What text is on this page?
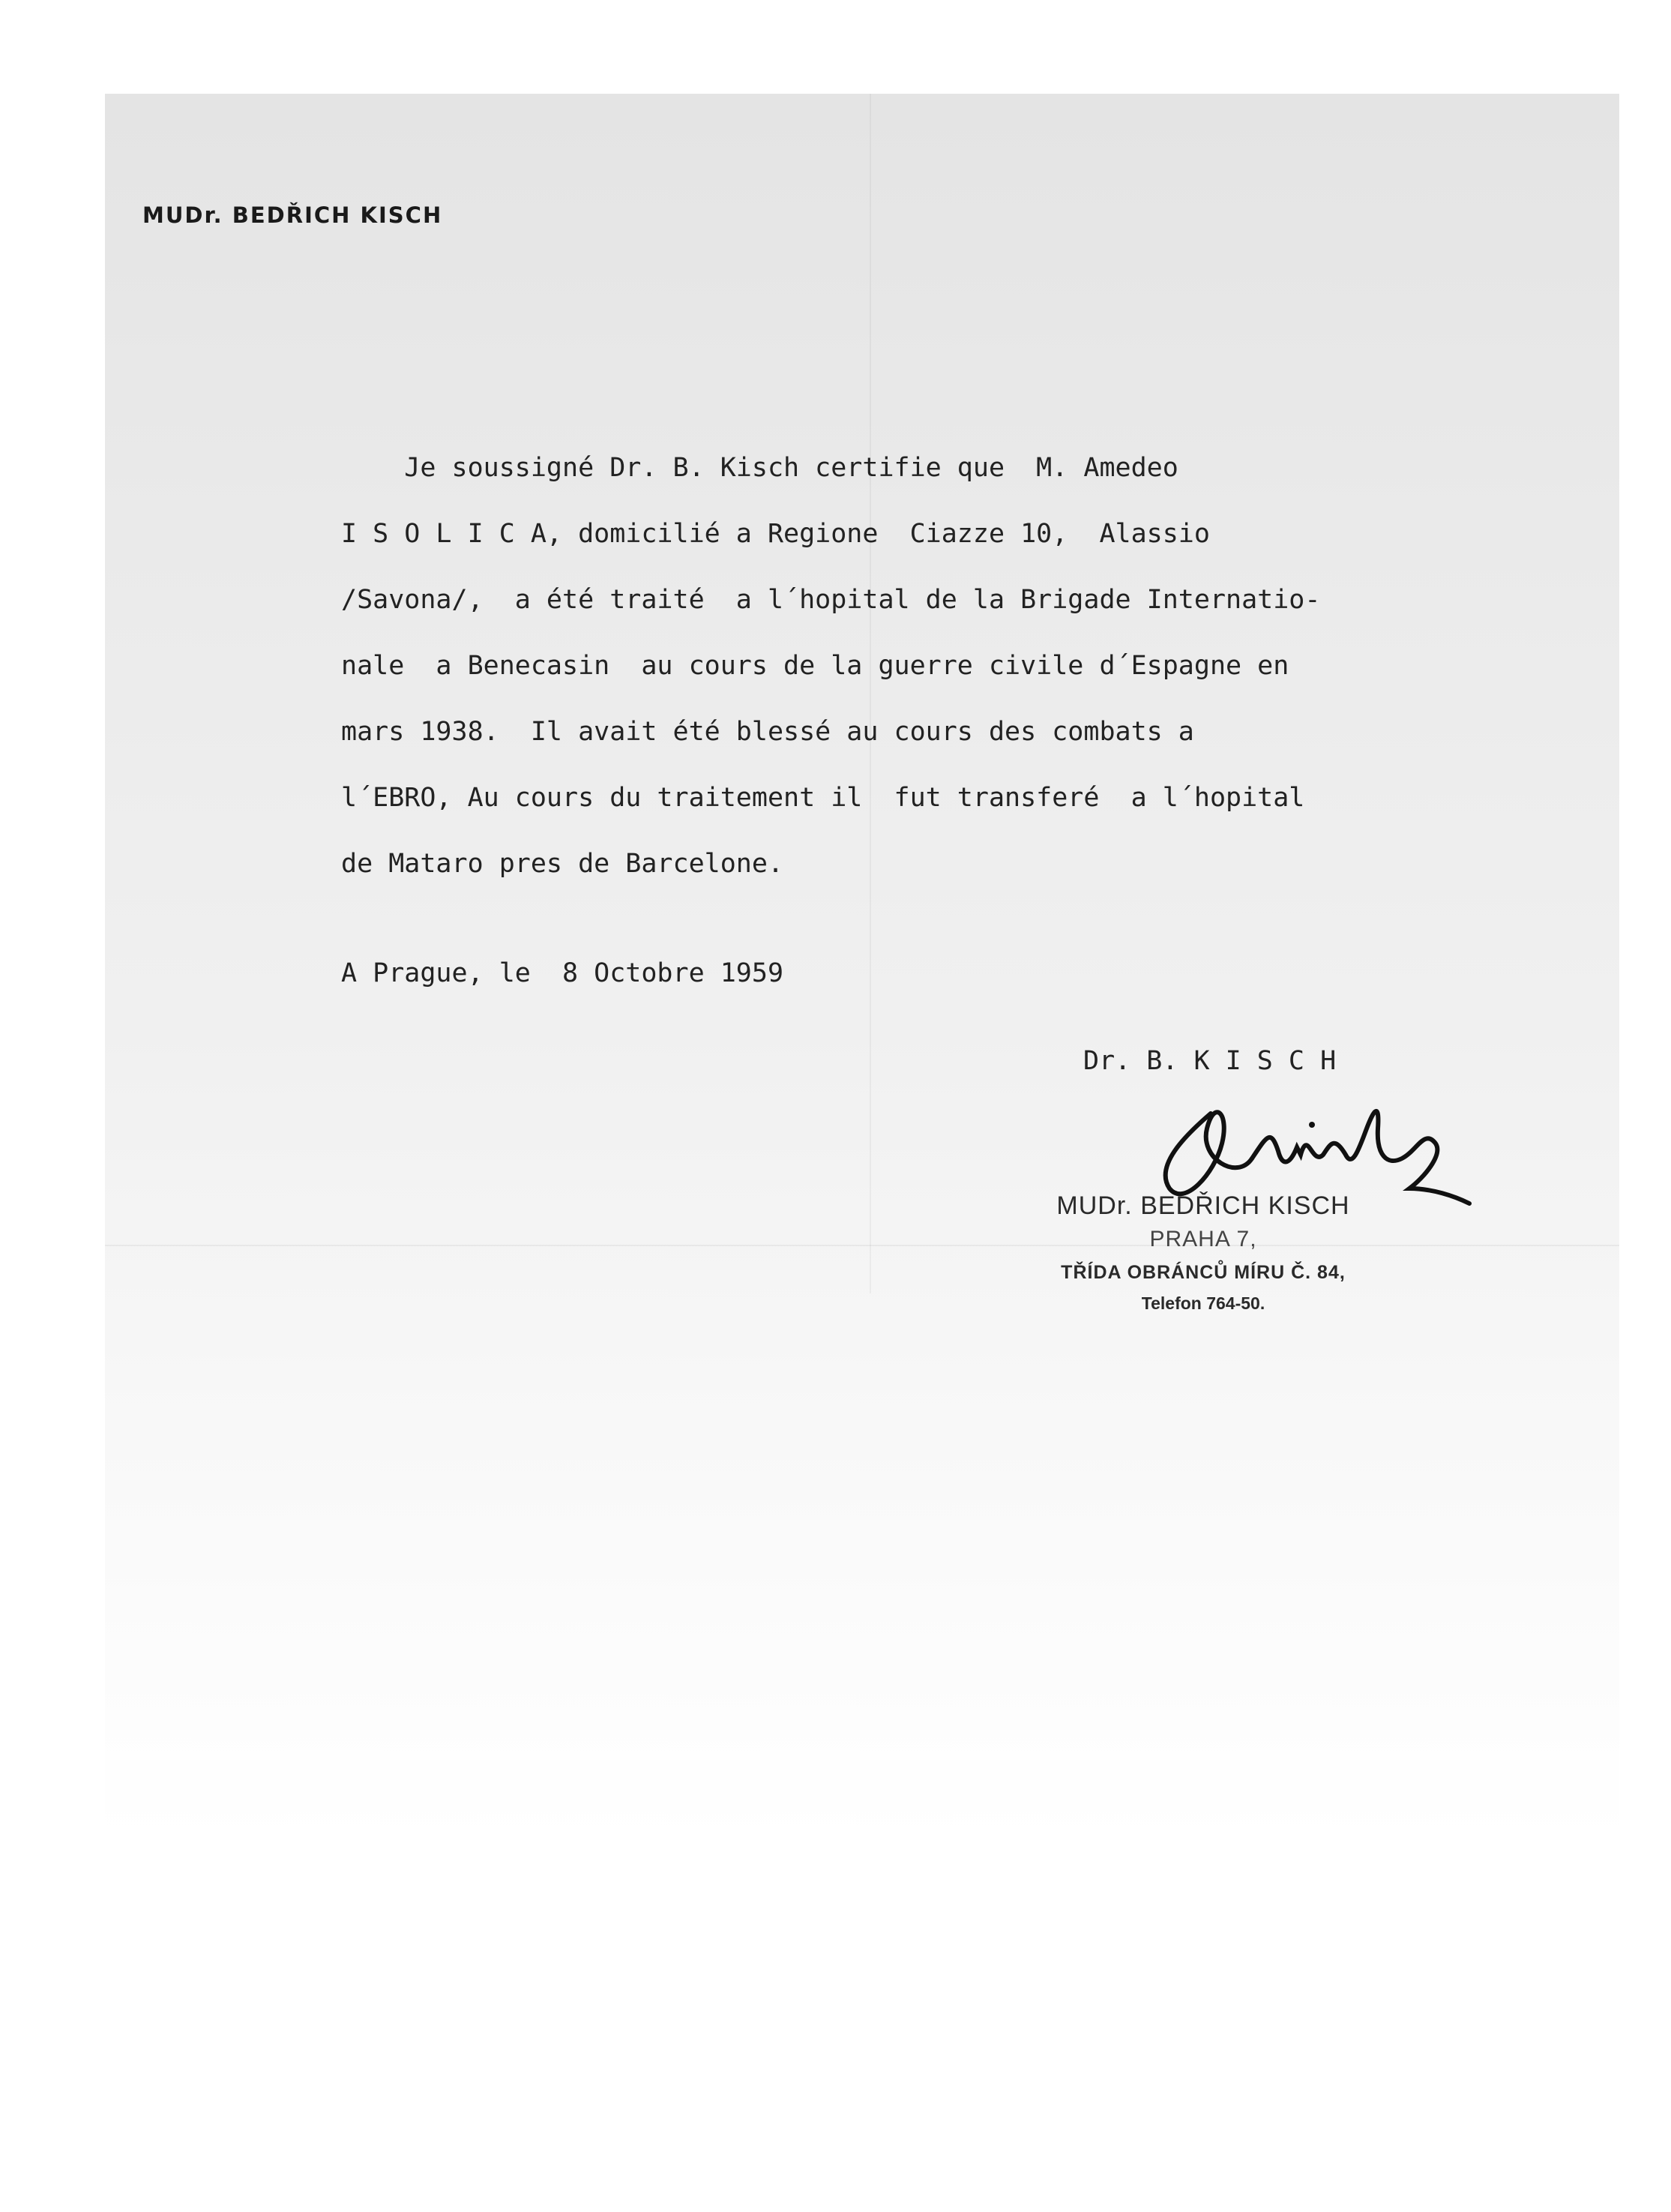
MUDr. BEDŘICH KISCH
Je soussigné Dr. B. Kisch certifie que  M. Amedeo
I S O L I C A, domicilié a Regione  Ciazze 10,  Alassio
/Savona/,  a été traité  a l´hopital de la Brigade Internatio-
nale  a Benecasin  au cours de la guerre civile d´Espagne en
mars 1938.  Il avait été blessé au cours des combats a
l´EBRO, Au cours du traitement il  fut transferé  a l´hopital
de Mataro pres de Barcelone.
A Prague, le  8 Octobre 1959
Dr. B. K I S C H
MUDr. BEDŘICH KISCH
PRAHA 7,
TŘÍDA OBRÁNCŮ MÍRU Č. 84,
Telefon 764-50.
